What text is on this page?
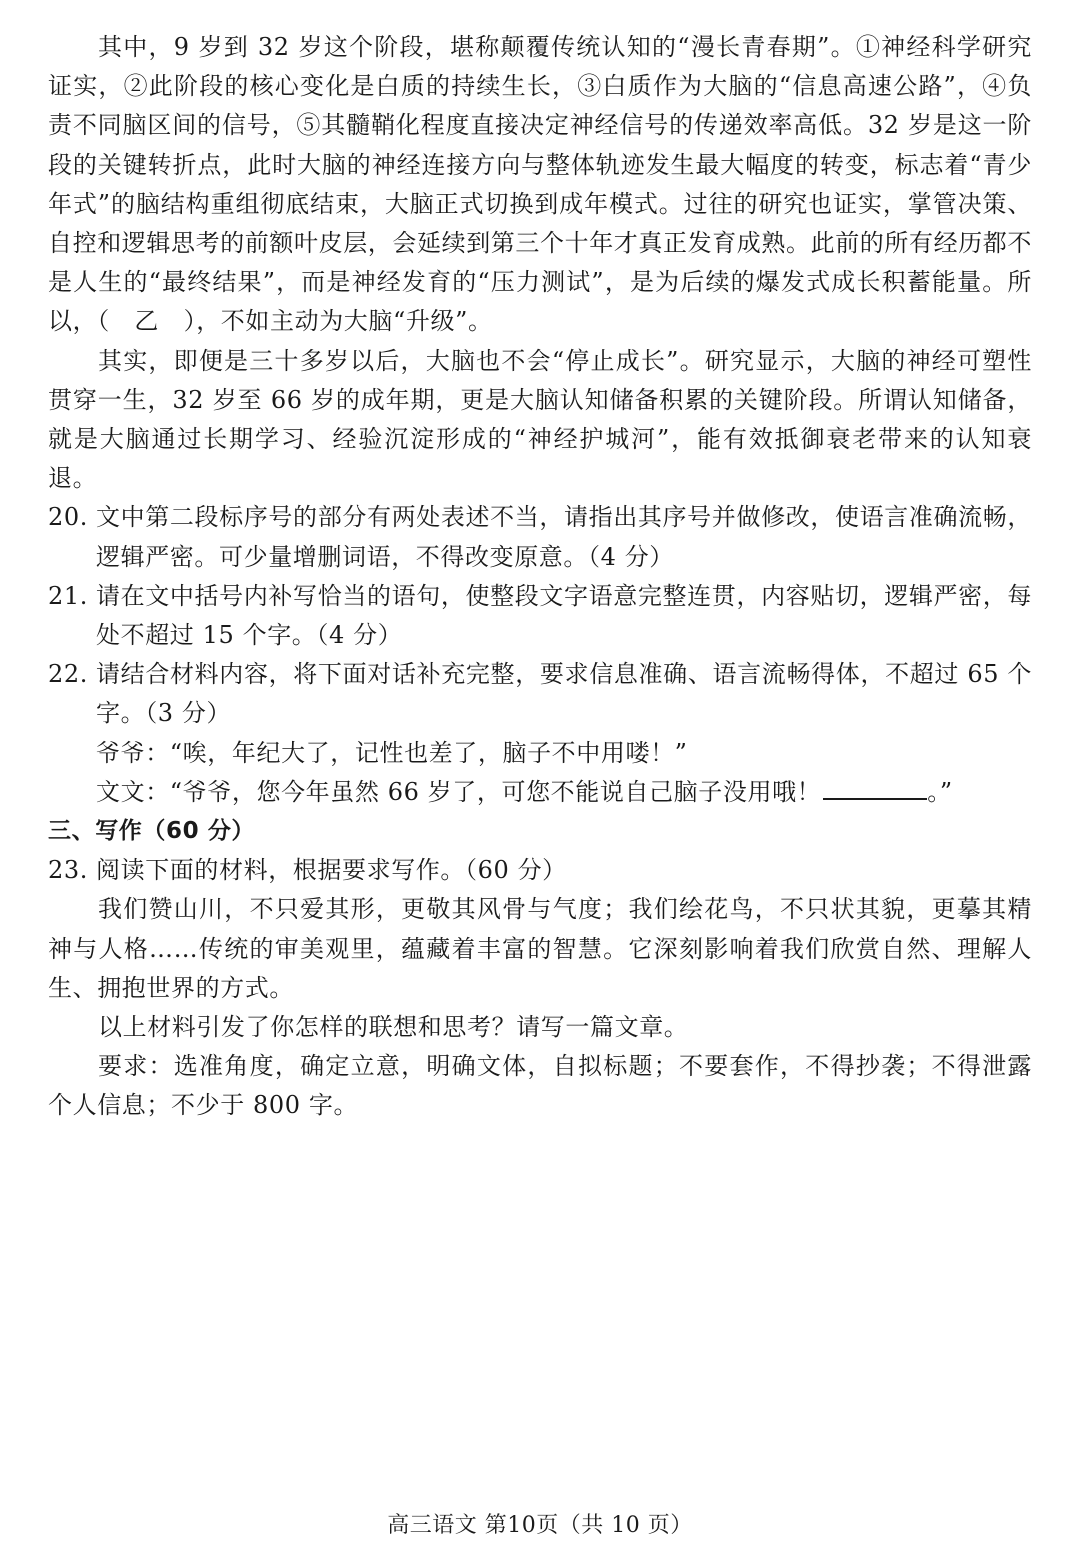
其中，9 岁到 32 岁这个阶段，堪称颠覆传统认知的“漫长青春期”。①神经科学研究证实，②此阶段的核心变化是白质的持续生长，③白质作为大脑的“信息高速公路”，④负责不同脑区间的信号，⑤其髓鞘化程度直接决定神经信号的传递效率高低。32 岁是这一阶段的关键转折点，此时大脑的神经连接方向与整体轨迹发生最大幅度的转变，标志着“青少年式”的脑结构重组彻底结束，大脑正式切换到成年模式。过往的研究也证实，掌管决策、自控和逻辑思考的前额叶皮层，会延续到第三个十年才真正发育成熟。此前的所有经历都不是人生的“最终结果”，而是神经发育的“压力测试”，是为后续的爆发式成长积蓄能量。所以，（　乙　），不如主动为大脑“升级”。

其实，即便是三十多岁以后，大脑也不会“停止成长”。研究显示，大脑的神经可塑性贯穿一生，32 岁至 66 岁的成年期，更是大脑认知储备积累的关键阶段。所谓认知储备，就是大脑通过长期学习、经验沉淀形成的“神经护城河”，能有效抵御衰老带来的认知衰退。

20. 文中第二段标序号的部分有两处表述不当，请指出其序号并做修改，使语言准确流畅，逻辑严密。可少量增删词语，不得改变原意。（4 分）
21. 请在文中括号内补写恰当的语句，使整段文字语意完整连贯，内容贴切，逻辑严密，每处不超过 15 个字。（4 分）
22. 请结合材料内容，将下面对话补充完整，要求信息准确、语言流畅得体，不超过 65 个字。（3 分）

爷爷：“唉，年纪大了，记性也差了，脑子不中用喽！”

文文：“爷爷，您今年虽然 66 岁了，可您不能说自己脑子没用哦！	。”

三、写作（60 分）

23. 阅读下面的材料，根据要求写作。（60 分）

我们赞山川，不只爱其形，更敬其风骨与气度；我们绘花鸟，不只状其貌，更摹其精神与人格……传统的审美观里，蕴藏着丰富的智慧。它深刻影响着我们欣赏自然、理解人生、拥抱世界的方式。

以上材料引发了你怎样的联想和思考？请写一篇文章。

要求：选准角度，确定立意，明确文体，自拟标题；不要套作，不得抄袭；不得泄露个人信息；不少于 800 字。

高三语文 第10页（共 10 页）
